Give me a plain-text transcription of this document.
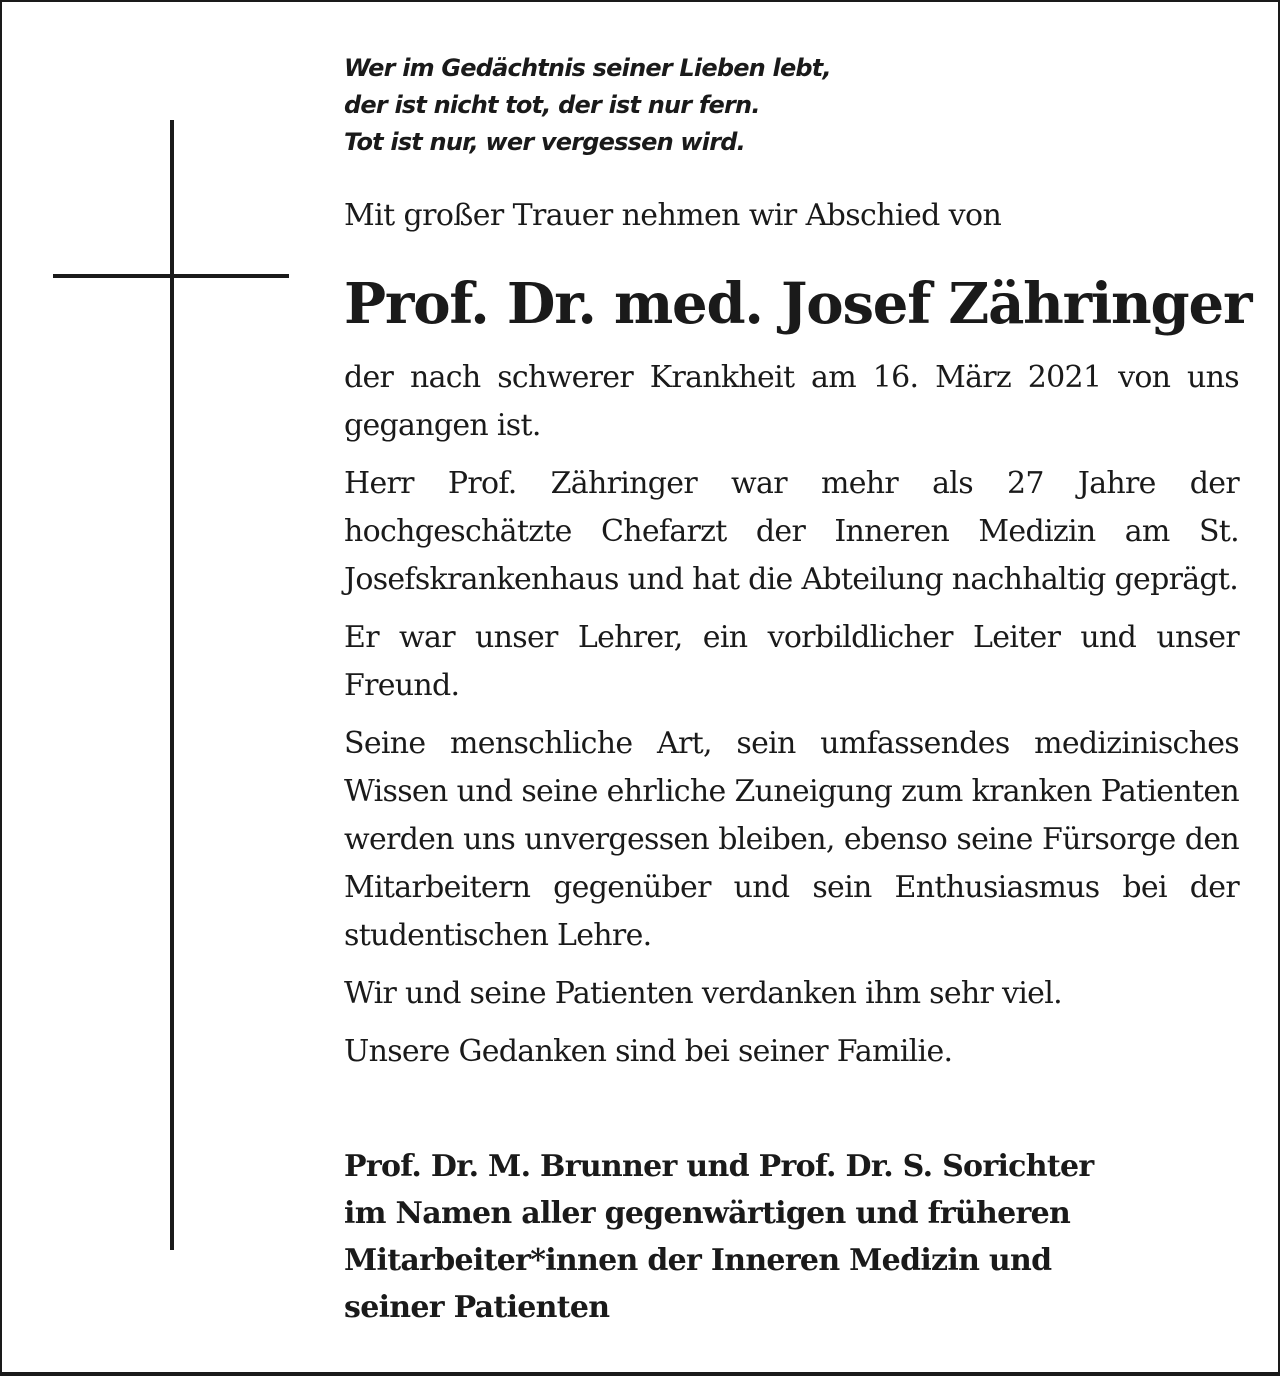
Wer im Gedächtnis seiner Lieben lebt,
der ist nicht tot, der ist nur fern.
Tot ist nur, wer vergessen wird.

Mit großer Trauer nehmen wir Abschied von

Prof. Dr. med. Josef Zähringer

der nach schwerer Krankheit am 16. März 2021 von uns gegangen ist.

Herr Prof. Zähringer war mehr als 27 Jahre der hochgeschätzte Chefarzt der Inneren Medizin am St. Josefskrankenhaus und hat die Abteilung nachhaltig geprägt.

Er war unser Lehrer, ein vorbildlicher Leiter und unser Freund.

Seine menschliche Art, sein umfassendes medizinisches Wissen und seine ehrliche Zuneigung zum kranken Patienten werden uns unvergessen bleiben, ebenso seine Fürsorge den Mitarbeitern gegenüber und sein Enthusiasmus bei der studentischen Lehre.

Wir und seine Patienten verdanken ihm sehr viel.

Unsere Gedanken sind bei seiner Familie.

Prof. Dr. M. Brunner und Prof. Dr. S. Sorichter
im Namen aller gegenwärtigen und früheren
Mitarbeiter*innen der Inneren Medizin und
seiner Patienten
